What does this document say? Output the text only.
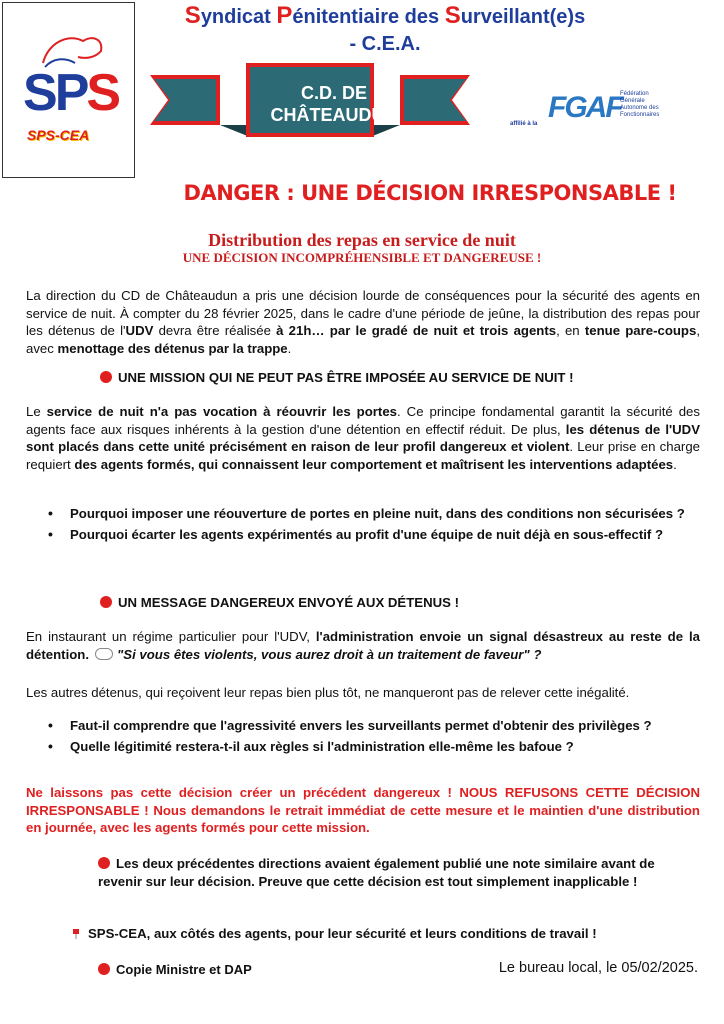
SPS
SPS-CEA
Syndicat Pénitentiaire des Surveillant(e)s
- C.E.A.
C.D. DE
CHÂTEAUDUN	affilié à la FGAF
Fédération
Générale
Autonome des
Fonctionnaires
DANGER : UNE DÉCISION IRRESPONSABLE !
Distribution des repas en service de nuit
UNE DÉCISION INCOMPRÉHENSIBLE ET DANGEREUSE !
La direction du CD de Châteaudun a pris une décision lourde de conséquences pour la sécurité des agents en service de nuit. À compter du 28 février 2025, dans le cadre d'une période de jeûne, la distribution des repas pour les détenus de l'UDV devra être réalisée à 21h… par le gradé de nuit et trois agents, en tenue pare-coups, avec menottage des détenus par la trappe.
UNE MISSION QUI NE PEUT PAS ÊTRE IMPOSÉE AU SERVICE DE NUIT !
Le service de nuit n'a pas vocation à réouvrir les portes. Ce principe fondamental garantit la sécurité des agents face aux risques inhérents à la gestion d'une détention en effectif réduit. De plus, les détenus de l'UDV sont placés dans cette unité précisément en raison de leur profil dangereux et violent. Leur prise en charge requiert des agents formés, qui connaissent leur comportement et maîtrisent les interventions adaptées.
• Pourquoi imposer une réouverture de portes en pleine nuit, dans des conditions non sécurisées ?
• Pourquoi écarter les agents expérimentés au profit d'une équipe de nuit déjà en sous-effectif ?
UN MESSAGE DANGEREUX ENVOYÉ AUX DÉTENUS !
En instaurant un régime particulier pour l'UDV, l'administration envoie un signal désastreux au reste de la détention. "Si vous êtes violents, vous aurez droit à un traitement de faveur" ?
Les autres détenus, qui reçoivent leur repas bien plus tôt, ne manqueront pas de relever cette inégalité.
• Faut-il comprendre que l'agressivité envers les surveillants permet d'obtenir des privilèges ?
• Quelle légitimité restera-t-il aux règles si l'administration elle-même les bafoue ?
Ne laissons pas cette décision créer un précédent dangereux ! NOUS REFUSONS CETTE DÉCISION IRRESPONSABLE ! Nous demandons le retrait immédiat de cette mesure et le maintien d'une distribution en journée, avec les agents formés pour cette mission.
Les deux précédentes directions avaient également publié une note similaire avant de revenir sur leur décision. Preuve que cette décision est tout simplement inapplicable !
SPS-CEA, aux côtés des agents, pour leur sécurité et leurs conditions de travail !
Copie Ministre et DAP	Le bureau local, le 05/02/2025.
